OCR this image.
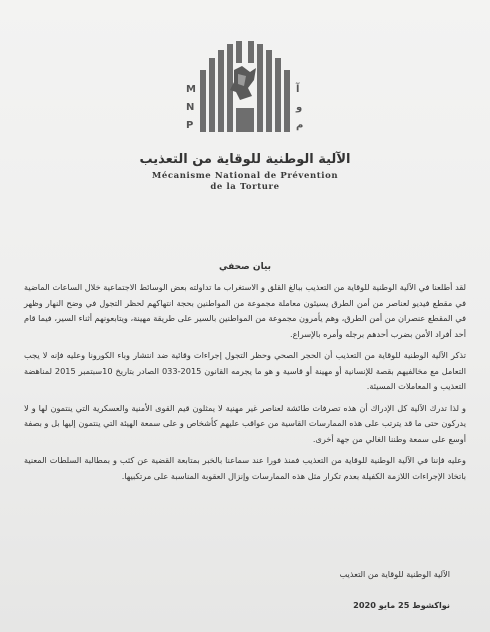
M
N
P
آ
و
م
الآلية الوطنية للوقاية من التعذيب
Mécanisme National de Prévention
de la Torture
بيان صحفي

لقد أطلعنا في الآلية الوطنية للوقاية من التعذيب ببالغ القلق و الاستغراب ما تداولته بعض الوسائط الاجتماعية خلال الساعات الماضية في مقطع فيديو لعناصر من أمن الطرق يسيئون معاملة مجموعة من المواطنين بحجة انتهاكهم لحظر التجول في وضح النهار وظهر في المقطع عنصران من أمن الطرق، وهم يأمرون مجموعة من المواطنين بالسير على طريقة مهينة، ويتابعونهم أثناء السير، فيما قام أحد أفراد الأمن بضرب أحدهم برجله وأمره بالإسراع.

تذكر الآلية الوطنية للوقاية من التعذيب أن الحجر الصحي وحظر التجول إجراءات وقائية ضد انتشار وباء الكورونا وعليه فإنه لا يجب التعامل مع مخالفيهم بقصة للإنسانية أو مهينة أو قاسية و هو ما يجرمه القانون 2015-033 الصادر بتاريخ 10سبتمبر 2015 لمناهضة التعذيب و المعاملات المسيئة.

و لذا تدرك الآلية كل الإدراك أن هذه تصرفات طائشة لعناصر غير مهنية لا يمثلون قيم القوى الأمنية والعسكرية التي ينتمون لها و لا يدركون حتى ما قد يترتب على هذه الممارسات القاسية من عواقب عليهم كأشخاص و على سمعة الهيئة التي ينتمون إليها بل و بصفة أوسع على سمعة وطننا الغالي من جهة أخرى.

وعليه فإننا في الآلية الوطنية للوقاية من التعذيب فمنذ فورا عند سماعنا بالخبر بمتابعة القضية عن كثب و بمطالبة السلطات المعنية باتخاذ الإجراءات اللازمة الكفيلة بعدم تكرار مثل هذه الممارسات وإنزال العقوبة المناسبة على مرتكبيها.

الآلية الوطنية للوقاية من التعذيب
نواكشوط 25 مايو 2020
